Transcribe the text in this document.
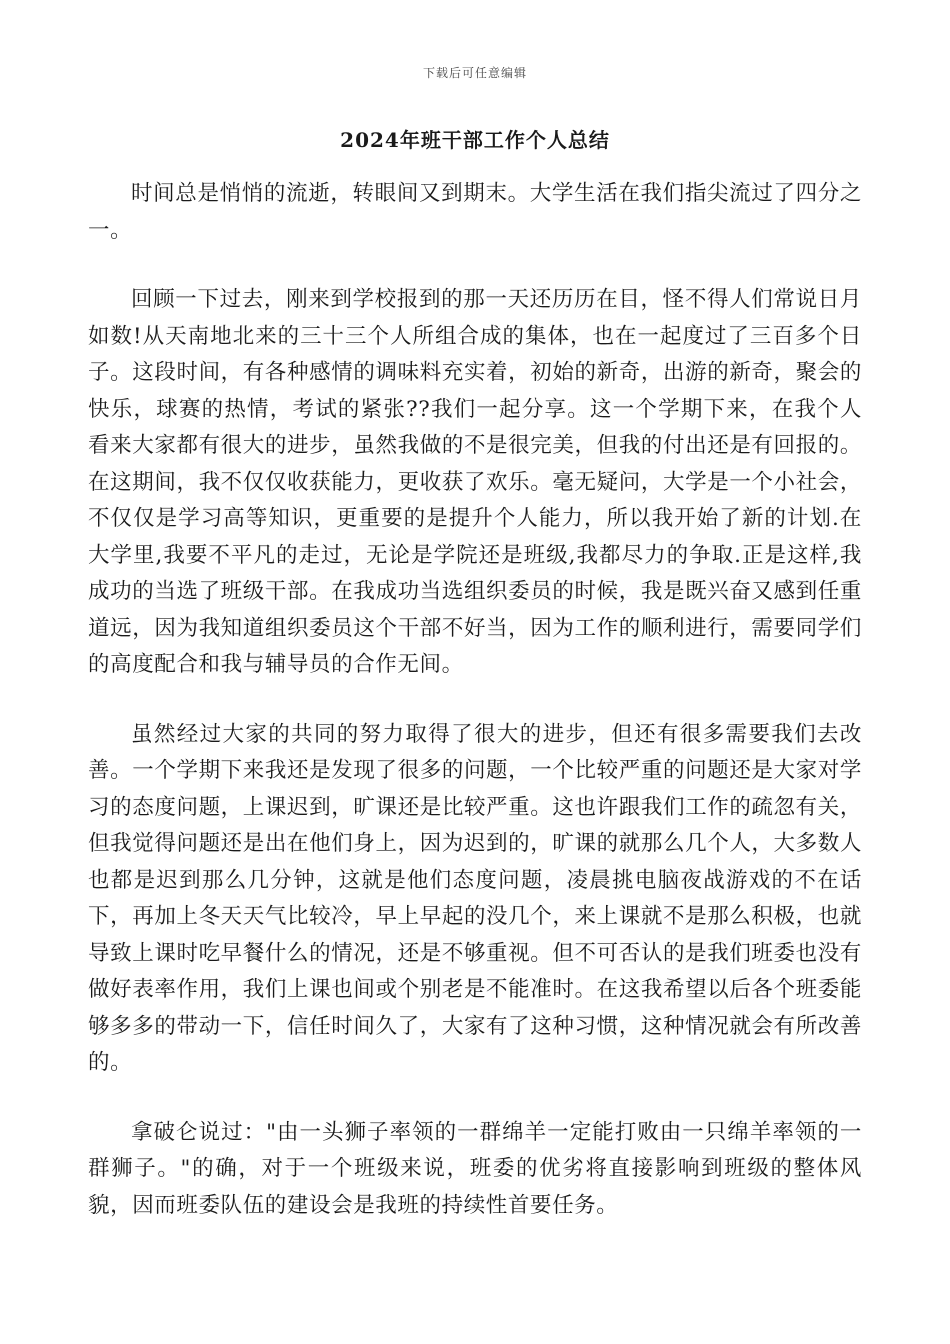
下载后可任意编辑
2024年班干部工作个人总结

时间总是悄悄的流逝，转眼间又到期末。大学生活在我们指尖流过了四分之一。

回顾一下过去，刚来到学校报到的那一天还历历在目，怪不得人们常说日月如数!从天南地北来的三十三个人所组合成的集体，也在一起度过了三百多个日子。这段时间，有各种感情的调味料充实着，初始的新奇，出游的新奇，聚会的快乐，球赛的热情，考试的紧张??我们一起分享。这一个学期下来，在我个人看来大家都有很大的进步，虽然我做的不是很完美，但我的付出还是有回报的。在这期间，我不仅仅收获能力，更收获了欢乐。毫无疑问，大学是一个小社会，不仅仅是学习高等知识，更重要的是提升个人能力，所以我开始了新的计划.在大学里,我要不平凡的走过，无论是学院还是班级,我都尽力的争取.正是这样,我成功的当选了班级干部。在我成功当选组织委员的时候，我是既兴奋又感到任重道远，因为我知道组织委员这个干部不好当，因为工作的顺利进行，需要同学们的高度配合和我与辅导员的合作无间。

虽然经过大家的共同的努力取得了很大的进步，但还有很多需要我们去改善。一个学期下来我还是发现了很多的问题，一个比较严重的问题还是大家对学习的态度问题，上课迟到，旷课还是比较严重。这也许跟我们工作的疏忽有关，但我觉得问题还是出在他们身上，因为迟到的，旷课的就那么几个人，大多数人也都是迟到那么几分钟，这就是他们态度问题，凌晨挑电脑夜战游戏的不在话下，再加上冬天天气比较冷，早上早起的没几个，来上课就不是那么积极，也就导致上课时吃早餐什么的情况，还是不够重视。但不可否认的是我们班委也没有做好表率作用，我们上课也间或个别老是不能准时。在这我希望以后各个班委能够多多的带动一下，信任时间久了，大家有了这种习惯，这种情况就会有所改善的。

拿破仑说过："由一头狮子率领的一群绵羊一定能打败由一只绵羊率领的一群狮子。"的确，对于一个班级来说，班委的优劣将直接影响到班级的整体风貌，因而班委队伍的建设会是我班的持续性首要任务。
